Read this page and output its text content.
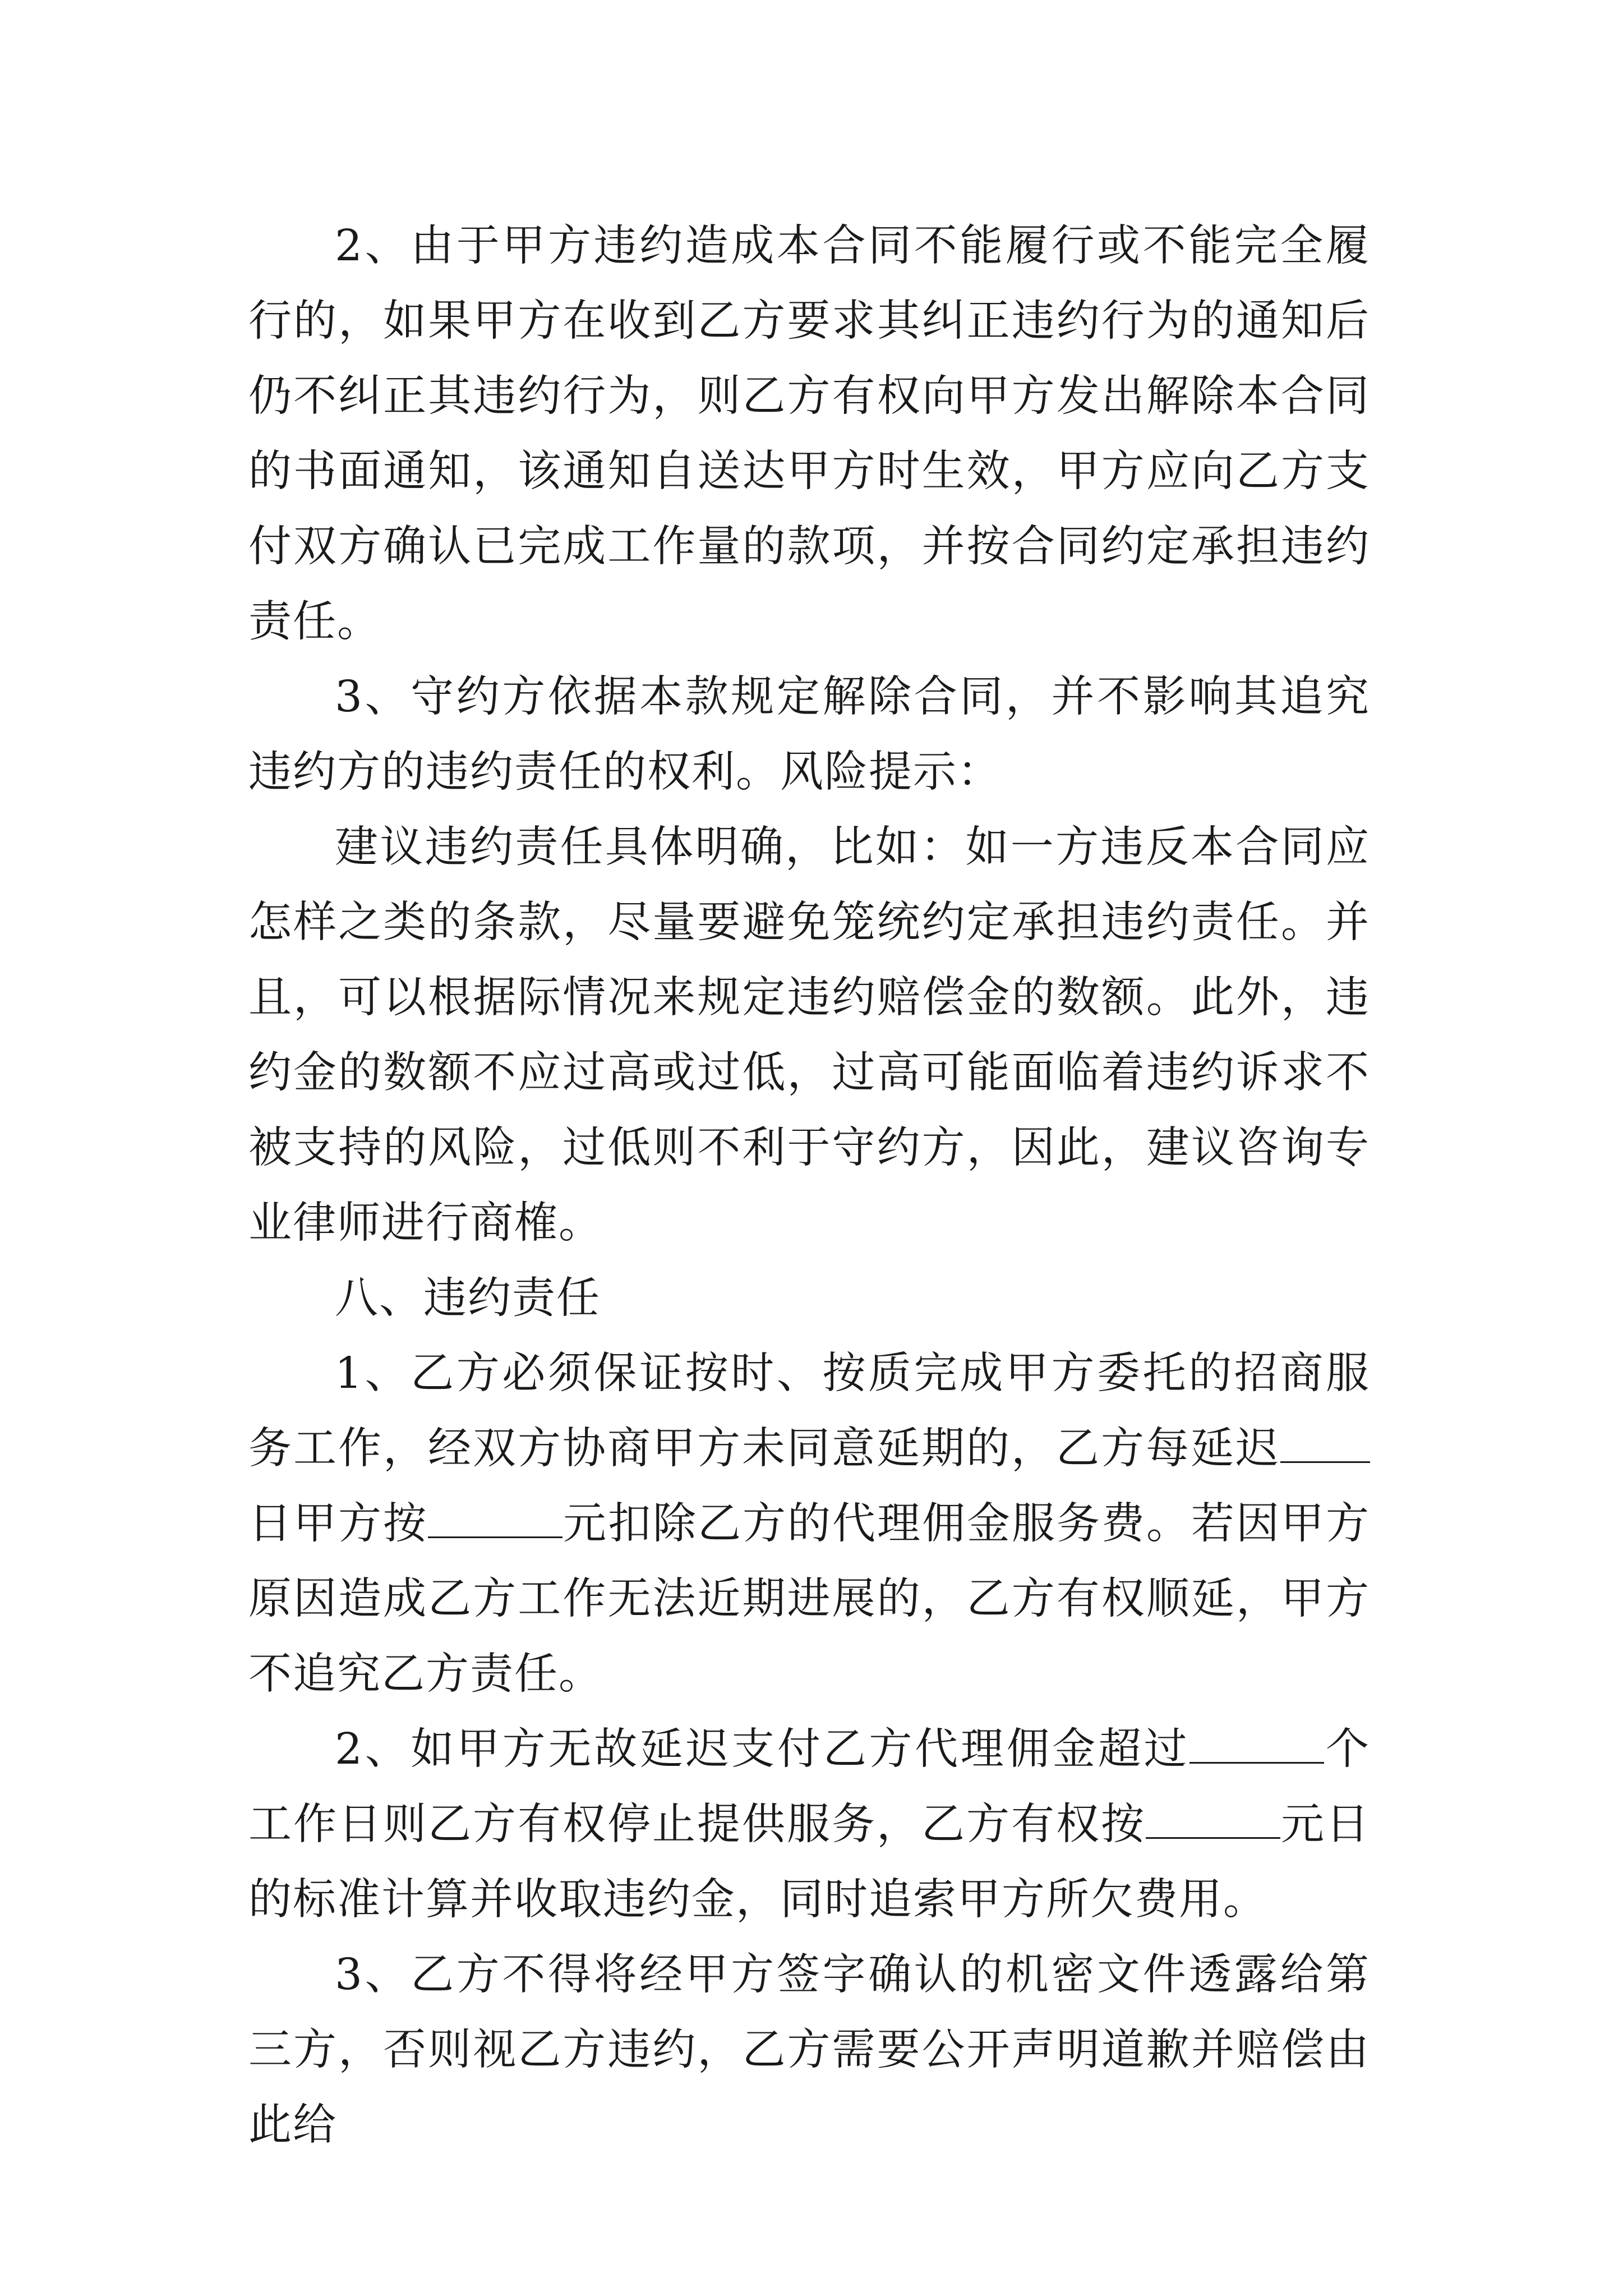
2、由于甲方违约造成本合同不能履行或不能完全履行的，如果甲方在收到乙方要求其纠正违约行为的通知后仍不纠正其违约行为，则乙方有权向甲方发出解除本合同的书面通知，该通知自送达甲方时生效，甲方应向乙方支付双方确认已完成工作量的款项，并按合同约定承担违约责任。

3、守约方依据本款规定解除合同，并不影响其追究违约方的违约责任的权利。风险提示：

建议违约责任具体明确，比如：如一方违反本合同应怎样之类的条款，尽量要避免笼统约定承担违约责任。并且，可以根据际情况来规定违约赔偿金的数额。此外，违约金的数额不应过高或过低，过高可能面临着违约诉求不被支持的风险，过低则不利于守约方，因此，建议咨询专业律师进行商榷。

八、违约责任

1、乙方必须保证按时、按质完成甲方委托的招商服务工作，经双方协商甲方未同意延期的，乙方每延迟日甲方按	元扣除乙方的代理佣金服务费。若因甲方原因造成乙方工作无法近期进展的，乙方有权顺延，甲方不追究乙方责任。

2、如甲方无故延迟支付乙方代理佣金超过	个工作日则乙方有权停止提供服务，乙方有权按	元日的标准计算并收取违约金，同时追索甲方所欠费用。

3、乙方不得将经甲方签字确认的机密文件透露给第三方，否则视乙方违约，乙方需要公开声明道歉并赔偿由此给
